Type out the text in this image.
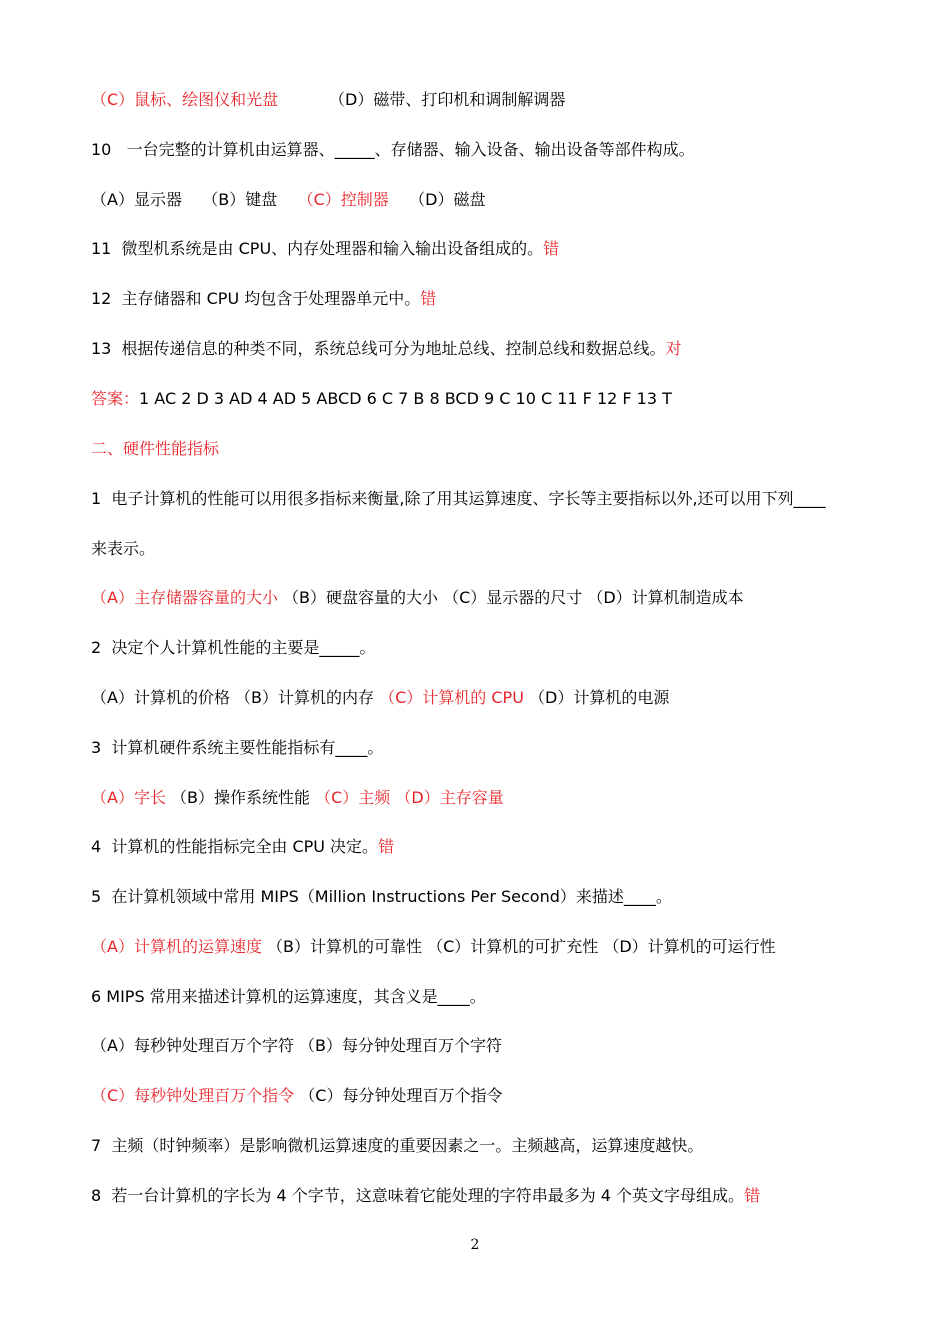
（C）鼠标、绘图仪和光盘          （D）磁带、打印机和调制解调器
10   一台完整的计算机由运算器、_____、存储器、输入设备、输出设备等部件构成。
（A）显示器    （B）键盘    （C）控制器    （D）磁盘
11  微型机系统是由 CPU、内存处理器和输入输出设备组成的。错
12  主存储器和 CPU 均包含于处理器单元中。错
13  根据传递信息的种类不同，系统总线可分为地址总线、控制总线和数据总线。对
答案：1 AC 2 D 3 AD 4 AD 5 ABCD 6 C 7 B 8 BCD 9 C 10 C 11 F 12 F 13 T
二、硬件性能指标
1  电子计算机的性能可以用很多指标来衡量,除了用其运算速度、字长等主要指标以外,还可以用下列____
来表示。
（A）主存储器容量的大小 （B）硬盘容量的大小 （C）显示器的尺寸 （D）计算机制造成本
2  决定个人计算机性能的主要是_____。
（A）计算机的价格 （B）计算机的内存 （C）计算机的 CPU （D）计算机的电源
3  计算机硬件系统主要性能指标有____。
（A）字长 （B）操作系统性能 （C）主频 （D）主存容量
4  计算机的性能指标完全由 CPU 决定。错
5  在计算机领域中常用 MIPS（Million Instructions Per Second）来描述____。
（A）计算机的运算速度 （B）计算机的可靠性 （C）计算机的可扩充性 （D）计算机的可运行性
6 MIPS 常用来描述计算机的运算速度，其含义是____。
（A）每秒钟处理百万个字符 （B）每分钟处理百万个字符
（C）每秒钟处理百万个指令 （C）每分钟处理百万个指令
7  主频（时钟频率）是影响微机运算速度的重要因素之一。主频越高，运算速度越快。
8  若一台计算机的字长为 4 个字节，这意味着它能处理的字符串最多为 4 个英文字母组成。错
2
